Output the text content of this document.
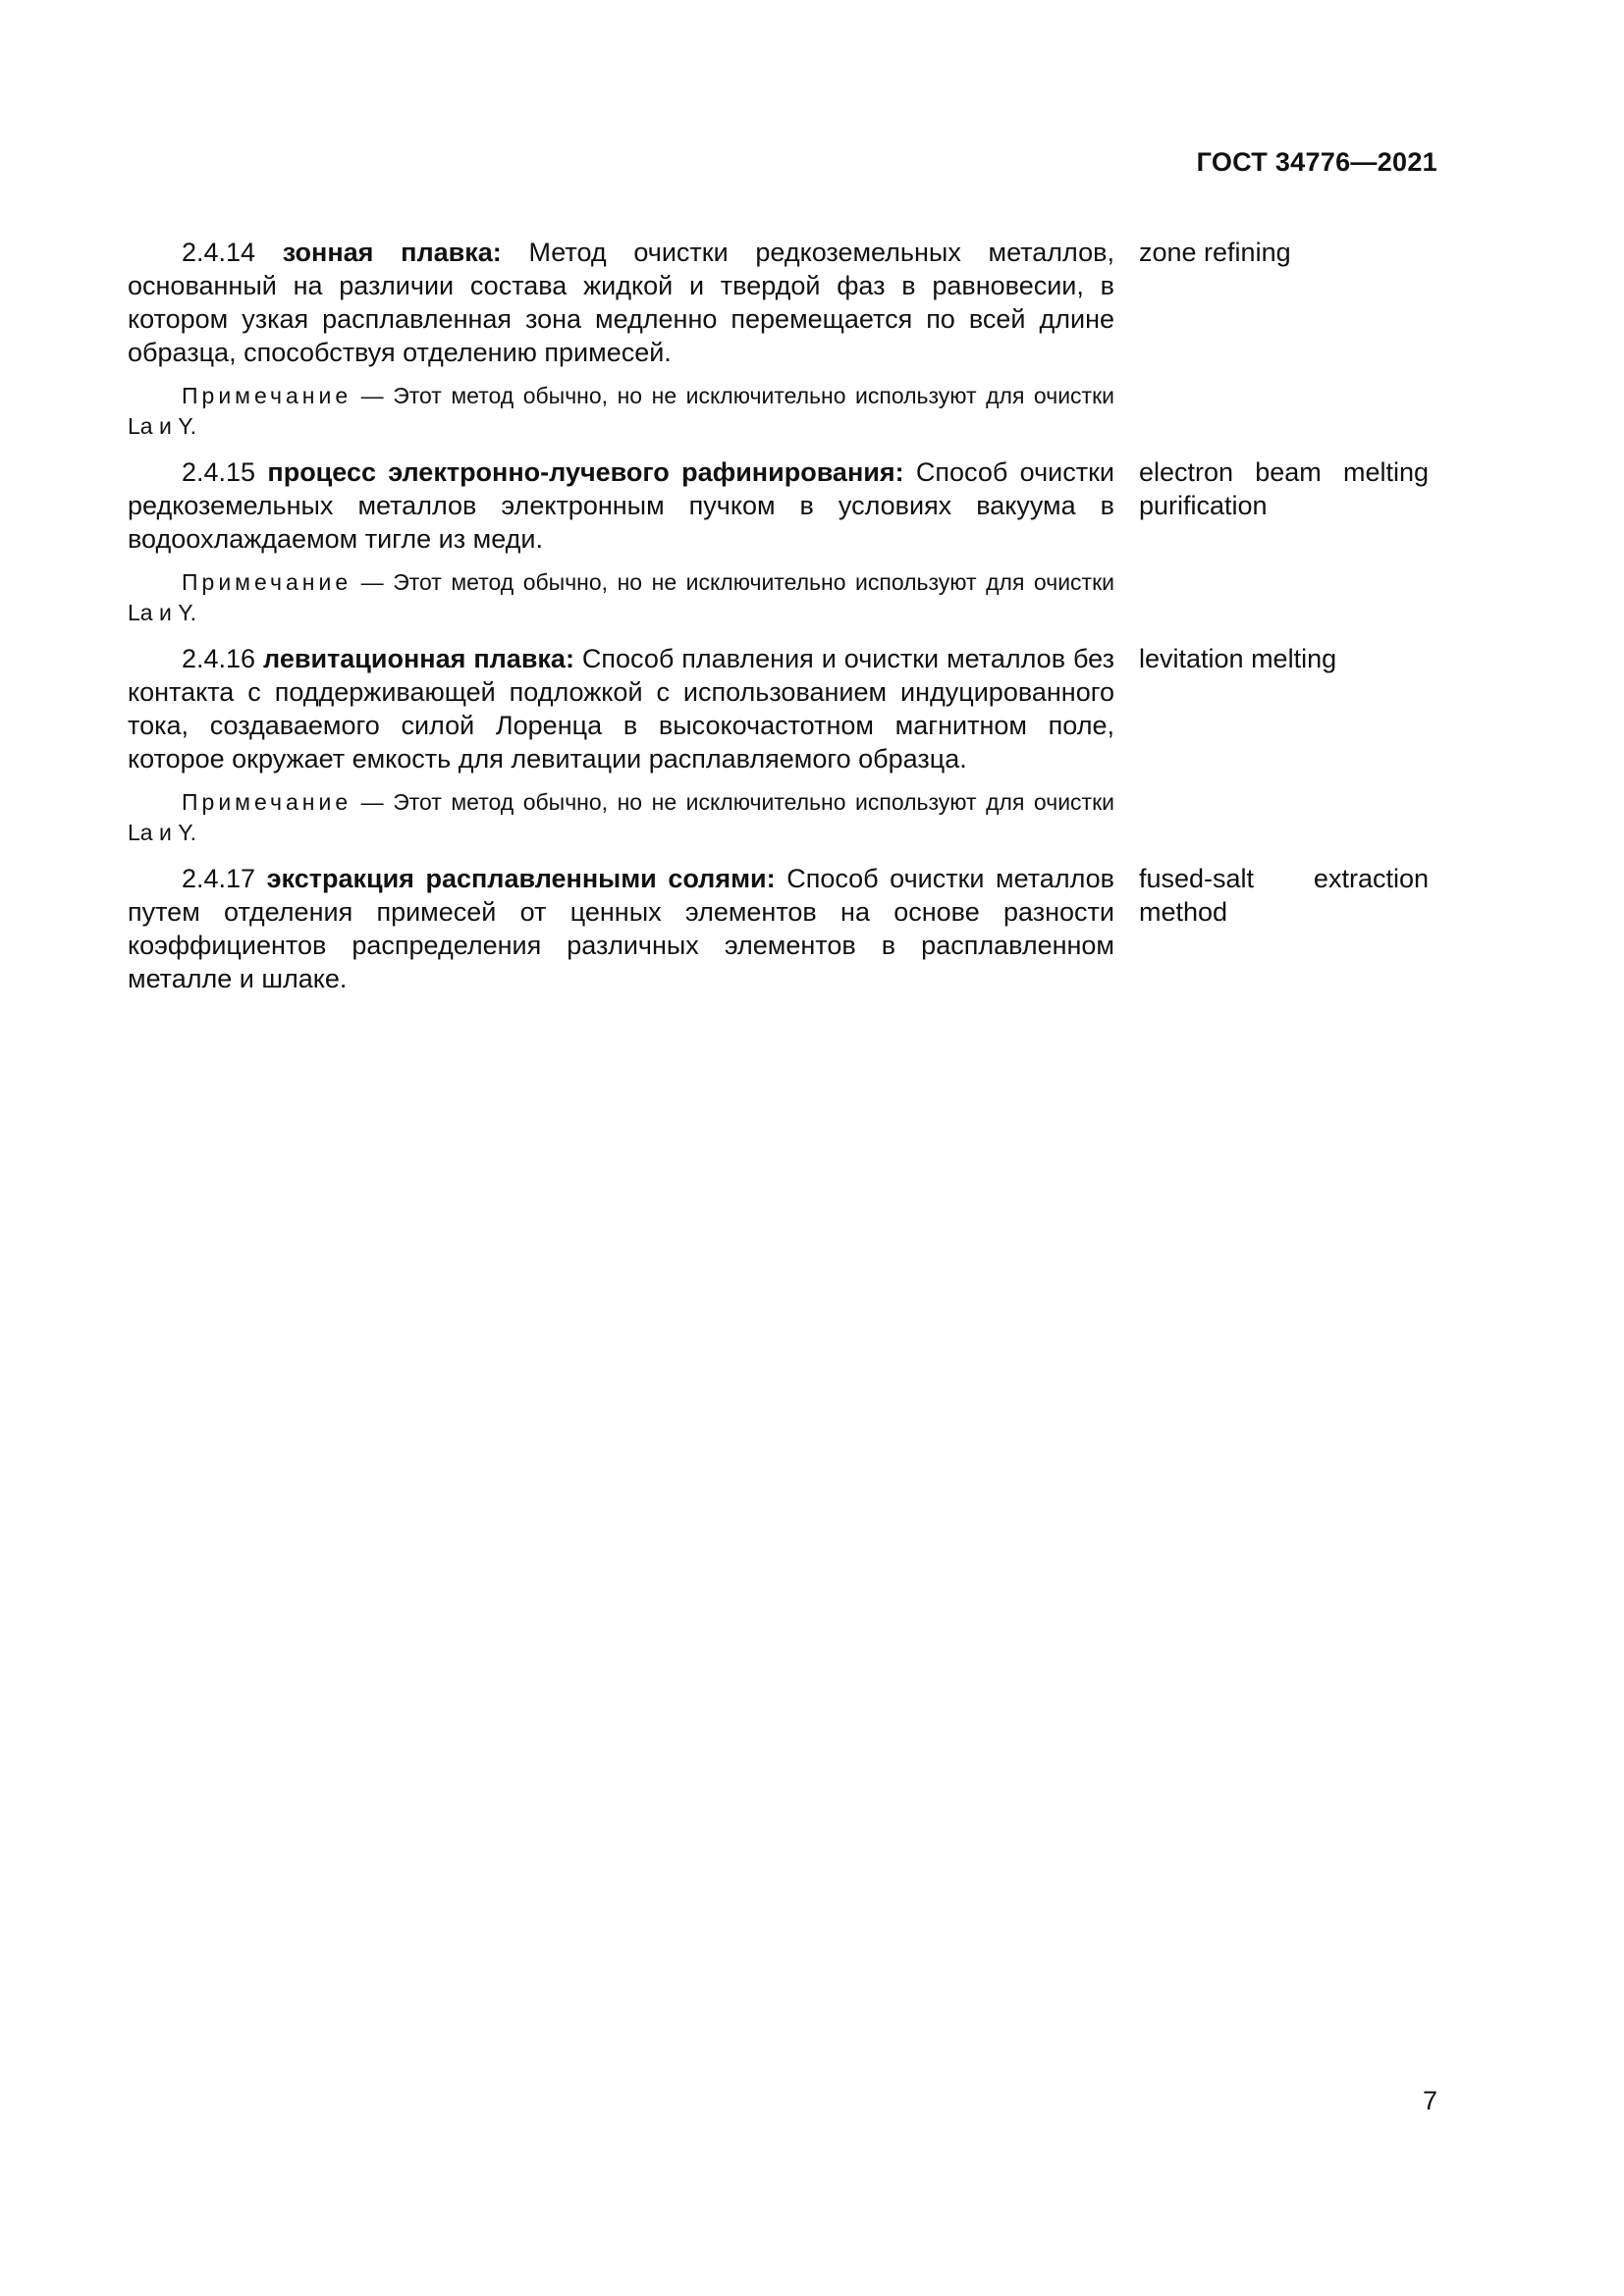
ГОСТ 34776—2021

2.4.14 зонная плавка: Метод очистки редкоземельных металлов, основанный на различии состава жидкой и твердой фаз в равновесии, в котором узкая расплавленная зона медленно перемещается по всей длине образца, способствуя отделению примесей.

Примечание — Этот метод обычно, но не исключительно используют для очистки La и Y.

zone refining

2.4.15 процесс электронно-лучевого рафинирования: Способ очистки редкоземельных металлов электронным пучком в условиях вакуума в водоохлаждаемом тигле из меди.

Примечание — Этот метод обычно, но не исключительно используют для очистки La и Y.

electron beam melting purification

2.4.16 левитационная плавка: Способ плавления и очистки металлов без контакта с поддерживающей подложкой с использованием индуцированного тока, создаваемого силой Лоренца в высокочастотном магнитном поле, которое окружает емкость для левитации расплавляемого образца.

Примечание — Этот метод обычно, но не исключительно используют для очистки La и Y.

levitation melting

2.4.17 экстракция расплавленными солями: Способ очистки металлов путем отделения примесей от ценных элементов на основе разности коэффициентов распределения различных элементов в расплавленном металле и шлаке.

fused-salt extraction method
7
